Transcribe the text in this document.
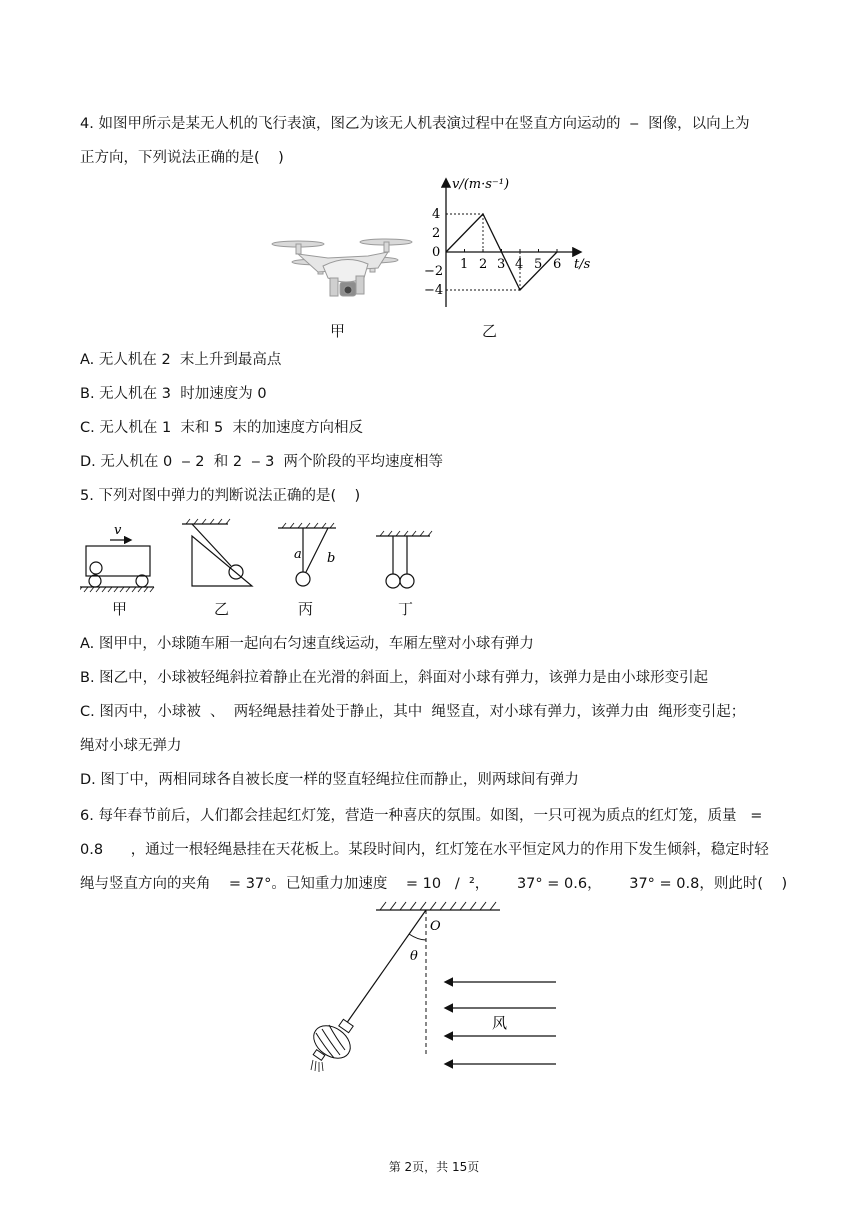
4. 如图甲所示是某无人机的飞行表演，图乙为该无人机表演过程中在竖直方向运动的  ‒  图像，以向上为
正方向，下列说法正确的是(    )
v/(m·s⁻¹)
t/s
4
2
0
−2
−4
1 2 3 4 5 6
甲	乙
A. 无人机在 2  末上升到最高点
B. 无人机在 3  时加速度为 0
C. 无人机在 1  末和 5  末的加速度方向相反
D. 无人机在 0  ‒ 2  和 2  ‒ 3  两个阶段的平均速度相等
5. 下列对图中弹力的判断说法正确的是(    )
v
a b
甲	乙	丙	丁
A. 图甲中，小球随车厢一起向右匀速直线运动，车厢左壁对小球有弹力
B. 图乙中，小球被轻绳斜拉着静止在光滑的斜面上，斜面对小球有弹力，该弹力是由小球形变引起
C. 图丙中，小球被  、  两轻绳悬挂着处于静止，其中  绳竖直，对小球有弹力，该弹力由  绳形变引起；
绳对小球无弹力
D. 图丁中，两相同球各自被长度一样的竖直轻绳拉住而静止，则两球间有弹力
6. 每年春节前后，人们都会挂起红灯笼，营造一种喜庆的氛围。如图，一只可视为质点的红灯笼，质量   =
0.8      ，通过一根轻绳悬挂在天花板上。某段时间内，红灯笼在水平恒定风力的作用下发生倾斜，稳定时轻
绳与竖直方向的夹角    = 37°。已知重力加速度    = 10   /  ²，      37° = 0.6，      37° = 0.8，则此时(    )
O
θ
风
第 2页，共 15页
